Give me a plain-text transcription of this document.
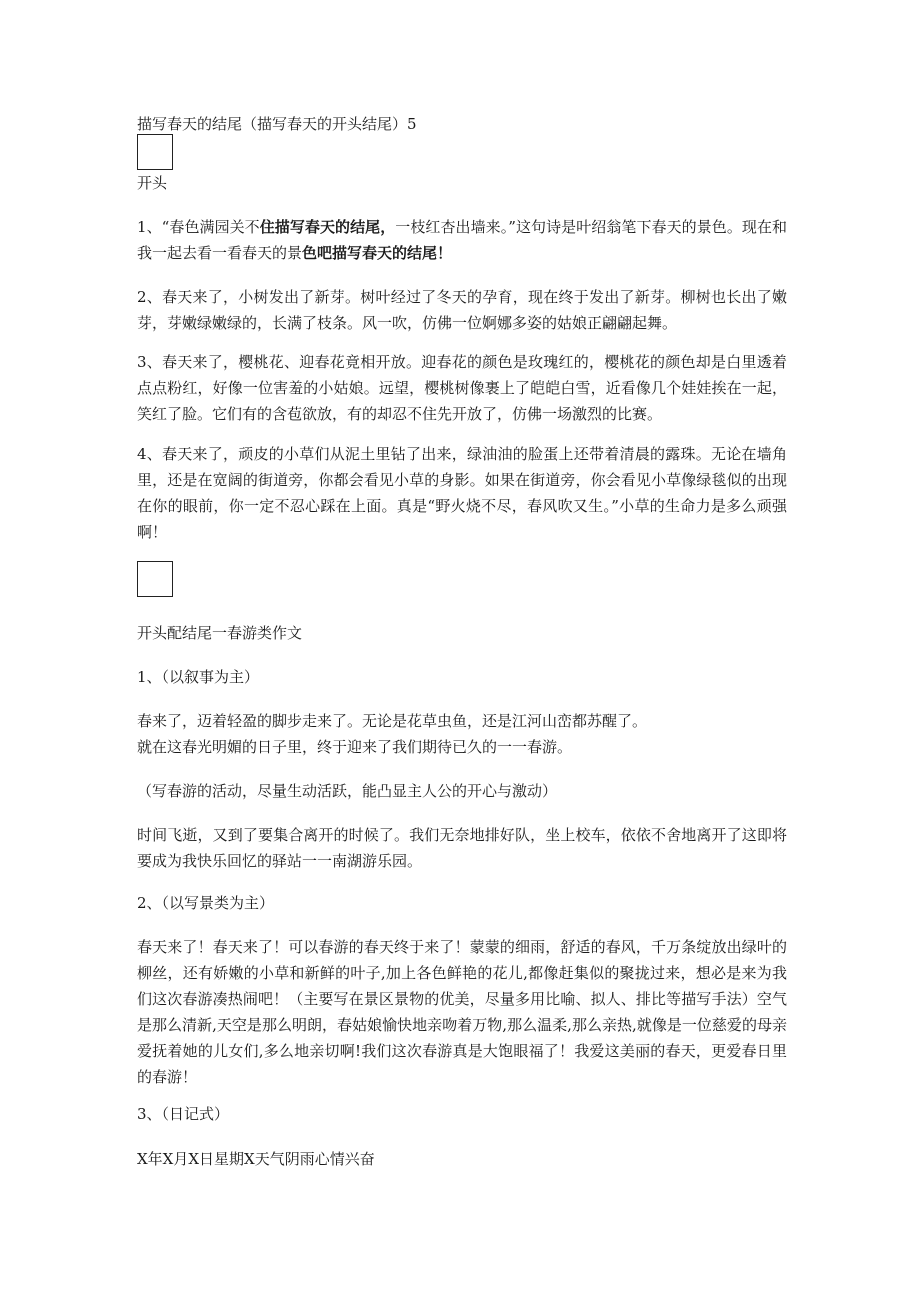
描写春天的结尾（描写春天的开头结尾）5

开头

1、“春色满园关不住描写春天的结尾，一枝红杏出墙来。”这句诗是叶绍翁笔下春天的景色。现在和我一起去看一看春天的景色吧描写春天的结尾！

2、春天来了，小树发出了新芽。树叶经过了冬天的孕育，现在终于发出了新芽。柳树也长出了嫩芽，芽嫩绿嫩绿的，长满了枝条。风一吹，仿佛一位婀娜多姿的姑娘正翩翩起舞。

3、春天来了，樱桃花、迎春花竟相开放。迎春花的颜色是玫瑰红的，樱桃花的颜色却是白里透着点点粉红，好像一位害羞的小姑娘。远望，樱桃树像裹上了皑皑白雪，近看像几个娃娃挨在一起，笑红了脸。它们有的含苞欲放，有的却忍不住先开放了，仿佛一场激烈的比赛。

4、春天来了，顽皮的小草们从泥土里钻了出来，绿油油的脸蛋上还带着清晨的露珠。无论在墙角里，还是在宽阔的街道旁，你都会看见小草的身影。如果在街道旁，你会看见小草像绿毯似的出现在你的眼前，你一定不忍心踩在上面。真是“野火烧不尽，春风吹又生。”小草的生命力是多么顽强啊！

开头配结尾一春游类作文

1、（以叙事为主）

春来了，迈着轻盈的脚步走来了。无论是花草虫鱼，还是江河山峦都苏醒了。

就在这春光明媚的日子里，终于迎来了我们期待已久的一一春游。

（写春游的活动，尽量生动活跃，能凸显主人公的开心与激动）

时间飞逝，又到了要集合离开的时候了。我们无奈地排好队，坐上校车，依依不舍地离开了这即将要成为我快乐回忆的驿站一一南湖游乐园。

2、（以写景类为主）

春天来了！春天来了！可以春游的春天终于来了！蒙蒙的细雨，舒适的春风，千万条绽放出绿叶的柳丝，还有娇嫩的小草和新鲜的叶子,加上各色鲜艳的花儿,都像赶集似的聚拢过来，想必是来为我们这次春游凑热闹吧！（主要写在景区景物的优美，尽量多用比喻、拟人、排比等描写手法）空气是那么清新,天空是那么明朗，春姑娘愉快地亲吻着万物,那么温柔,那么亲热,就像是一位慈爱的母亲爱抚着她的儿女们,多么地亲切啊!我们这次春游真是大饱眼福了！我爱这美丽的春天，更爱春日里的春游！

3、（日记式）

X年X月X日星期X天气阴雨心情兴奋
